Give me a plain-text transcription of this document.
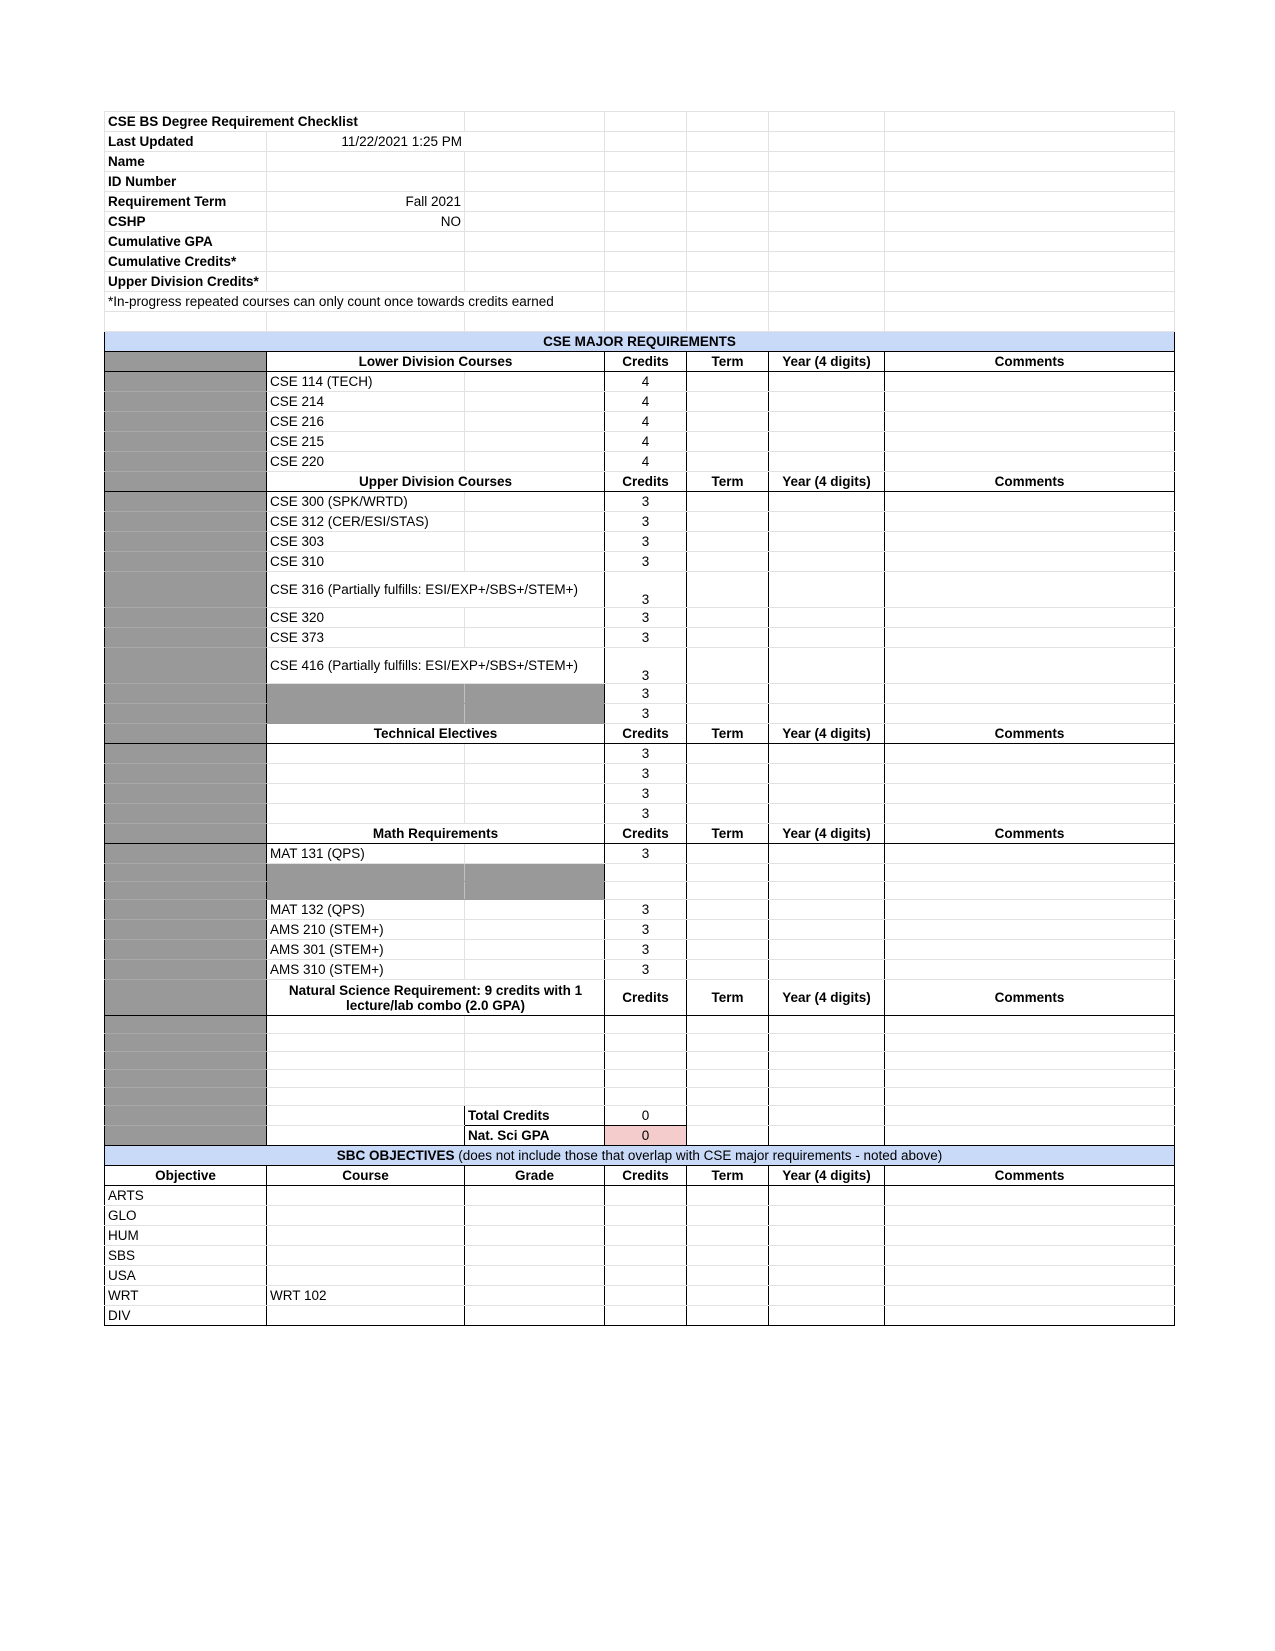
CSE BS Degree Requirement Checklist						
Last Updated	11/22/2021 1:25 PM					
Name						
ID Number						
Requirement Term	Fall 2021					
CSHP	NO					
Cumulative GPA						
Cumulative Credits*						
Upper Division Credits*						
*In-progress repeated courses can only count once towards credits earned						

CSE MAJOR REQUIREMENTS						
	Lower Division Courses		Credits	Term	Year (4 digits)	Comments
	CSE 114 (TECH)		4			
	CSE 214		4			
	CSE 216		4			
	CSE 215		4			
	CSE 220		4			
	Upper Division Courses		Credits	Term	Year (4 digits)	Comments
	CSE 300 (SPK/WRTD)		3			
	CSE 312 (CER/ESI/STAS)		3			
	CSE 303		3			
	CSE 310		3			
	CSE 316 (Partially fulfills: ESI/EXP+/SBS+/STEM+)		3			
	CSE 320		3			
	CSE 373		3			
	CSE 416 (Partially fulfills: ESI/EXP+/SBS+/STEM+)		3			
			3			
			3			
	Technical Electives		Credits	Term	Year (4 digits)	Comments
			3			
			3			
			3			
			3			
	Math Requirements		Credits	Term	Year (4 digits)	Comments
	MAT 131 (QPS)		3			

	MAT 132 (QPS)		3			
	AMS 210 (STEM+)		3			
	AMS 301 (STEM+)		3			
	AMS 310 (STEM+)		3			
	Natural Science Requirement: 9 credits with 1 lecture/lab combo (2.0 GPA)		Credits	Term	Year (4 digits)	Comments

		Total Credits	0			
		Nat. Sci GPA	0			
SBC OBJECTIVES (does not include those that overlap with CSE major requirements - noted above)						
Objective	Course	Grade	Credits	Term	Year (4 digits)	Comments
ARTS						
GLO						
HUM						
SBS						
USA						
WRT	WRT 102					
DIV						
